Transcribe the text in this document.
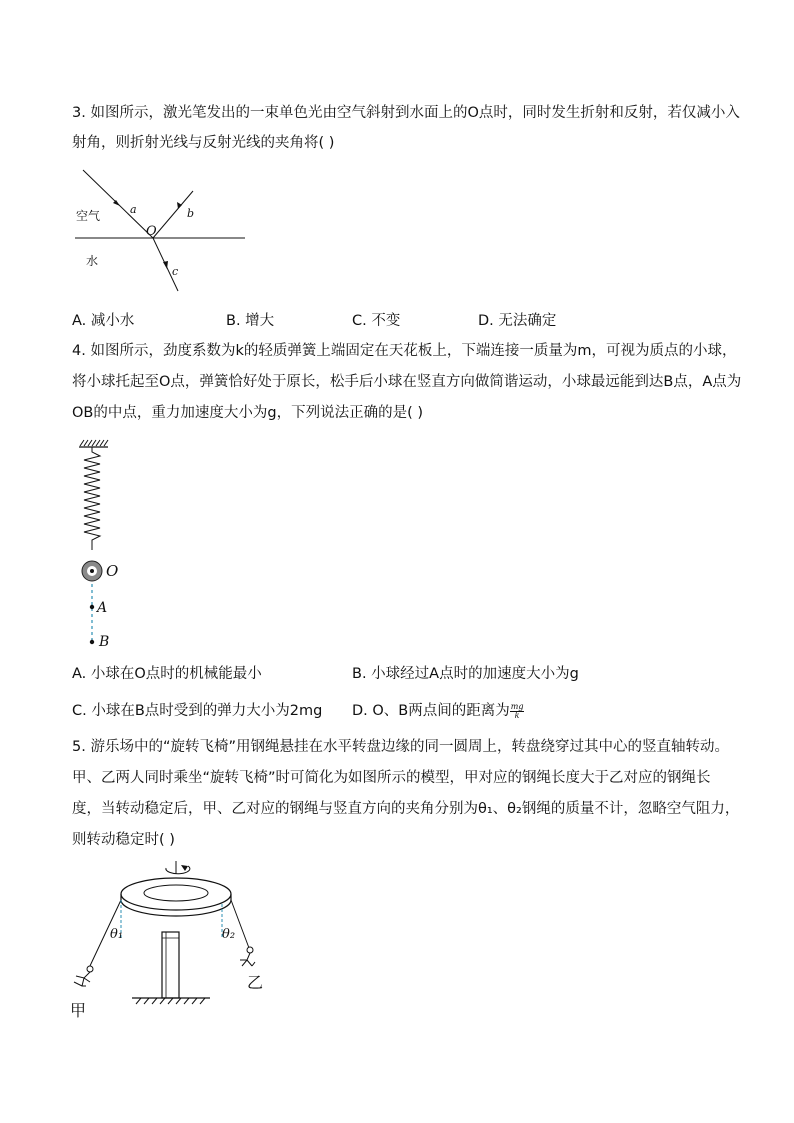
3. 如图所示，激光笔发出的一束单色光由空气斜射到水面上的O点时，同时发生折射和反射，若仅减小入
射角，则折射光线与反射光线的夹角将( )
空气
水
O
a	b
c
A. 减小水	B. 增大	C. 不变	D. 无法确定
4. 如图所示，劲度系数为k的轻质弹簧上端固定在天花板上，下端连接一质量为m，可视为质点的小球，
将小球托起至O点，弹簧恰好处于原长，松手后小球在竖直方向做简谐运动，小球最远能到达B点，A点为
OB的中点，重力加速度大小为g，下列说法正确的是( )
O
A
B
A. 小球在O点时的机械能最小	B. 小球经过A点时的加速度大小为g
C. 小球在B点时受到的弹力大小为2mg D. O、B两点间的距离为 $\frac{mg}{k}$
5. 游乐场中的“旋转飞椅”用钢绳悬挂在水平转盘边缘的同一圆周上，转盘绕穿过其中心的竖直轴转动。
甲、乙两人同时乘坐“旋转飞椅”时可简化为如图所示的模型，甲对应的钢绳长度大于乙对应的钢绳长
度，当转动稳定后，甲、乙对应的钢绳与竖直方向的夹角分别为θ₁、θ₂钢绳的质量不计，忽略空气阻力，
则转动稳定时( )
θ₁	θ₂
甲
乙
